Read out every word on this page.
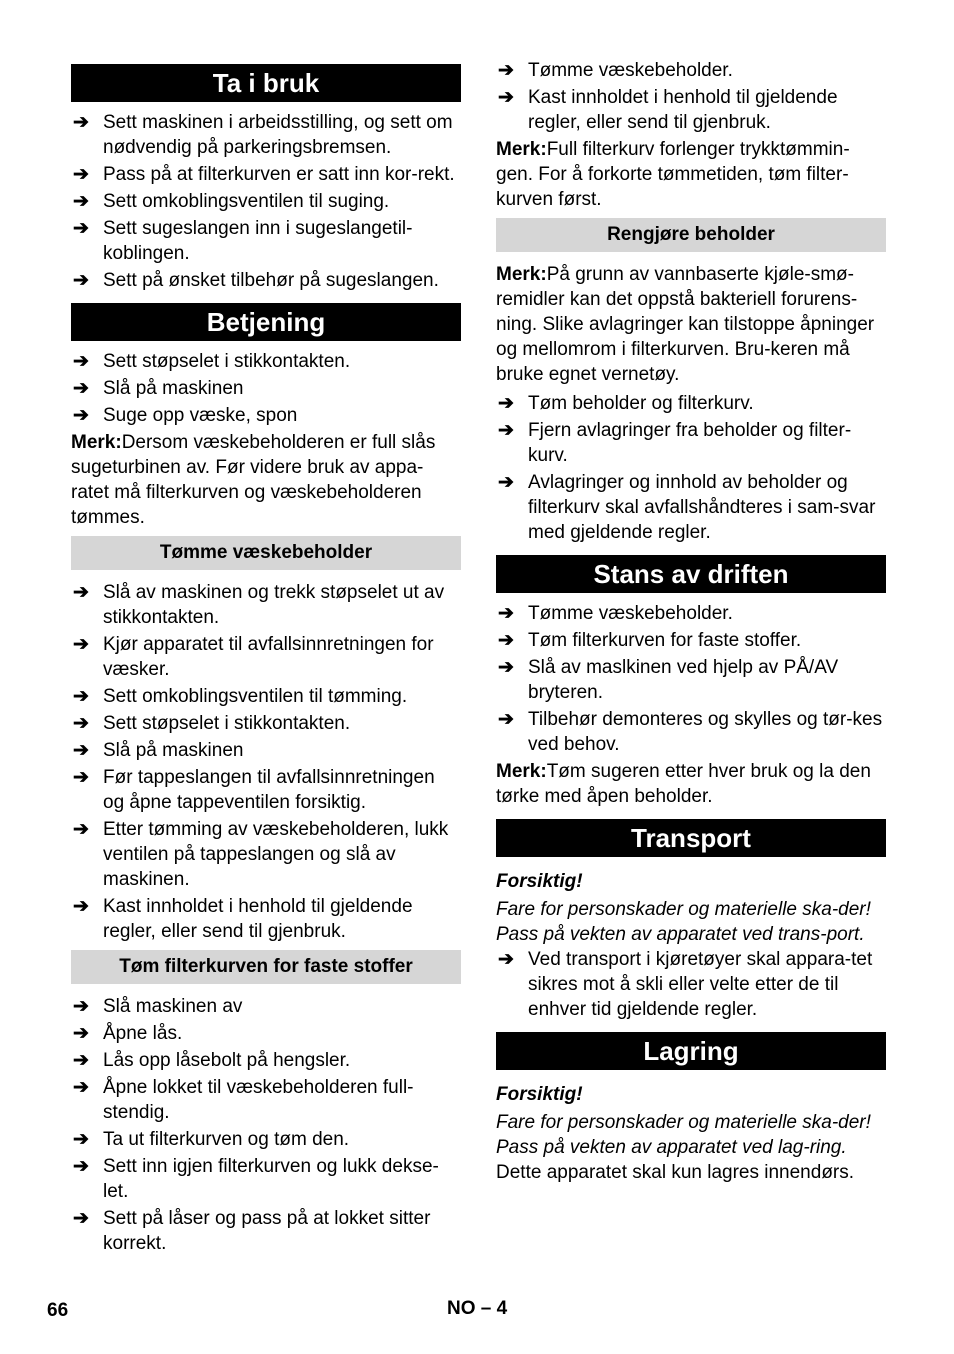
Ta i bruk
➔ Sett maskinen i arbeidsstilling, og sett om nødvendig på parkeringsbremsen.
➔ Pass på at filterkurven er satt inn kor-rekt.
➔ Sett omkoblingsventilen til suging.
➔ Sett sugeslangen inn i sugeslangetil-koblingen.
➔ Sett på ønsket tilbehør på sugeslangen.
Betjening
➔ Sett støpselet i stikkontakten.
➔ Slå på maskinen
➔ Suge opp væske, spon

Merk:Dersom væskebeholderen er full slås sugeturbinen av. Før videre bruk av appa-ratet må filterkurven og væskebeholderen tømmes.

Tømme væskebeholder
➔ Slå av maskinen og trekk støpselet ut av stikkontakten.
➔ Kjør apparatet til avfallsinnretningen for væsker.
➔ Sett omkoblingsventilen til tømming.
➔ Sett støpselet i stikkontakten.
➔ Slå på maskinen
➔ Før tappeslangen til avfallsinnretningen og åpne tappeventilen forsiktig.
➔ Etter tømming av væskebeholderen, lukk ventilen på tappeslangen og slå av maskinen.
➔ Kast innholdet i henhold til gjeldende regler, eller send til gjenbruk.
Tøm filterkurven for faste stoffer
➔ Slå maskinen av
➔ Åpne lås.
➔ Lås opp låsebolt på hengsler.
➔ Åpne lokket til væskebeholderen full-stendig.
➔ Ta ut filterkurven og tøm den.
➔ Sett inn igjen filterkurven og lukk dekse-let.
➔ Sett på låser og pass på at lokket sitter korrekt.
➔ Tømme væskebeholder.
➔ Kast innholdet i henhold til gjeldende regler, eller send til gjenbruk.

Merk:Full filterkurv forlenger trykktømmin-gen. For å forkorte tømmetiden, tøm filter-kurven først.

Rengjøre beholder

Merk:På grunn av vannbaserte kjøle-smø-remidler kan det oppstå bakteriell forurens-ning. Slike avlagringer kan tilstoppe åpninger og mellomrom i filterkurven. Bru-keren må bruke egnet vernetøy.

➔ Tøm beholder og filterkurv.
➔ Fjern avlagringer fra beholder og filter-kurv.
➔ Avlagringer og innhold av beholder og filterkurv skal avfallshåndteres i sam-svar med gjeldende regler.
Stans av driften
➔ Tømme væskebeholder.
➔ Tøm filterkurven for faste stoffer.
➔ Slå av maslkinen ved hjelp av PÅ/AV bryteren.
➔ Tilbehør demonteres og skylles og tør-kes ved behov.

Merk:Tøm sugeren etter hver bruk og la den tørke med åpen beholder.

Transport
Forsiktig!

Fare for personskader og materielle ska-der! Pass på vekten av apparatet ved trans-port.

➔ Ved transport i kjøretøyer skal appara-tet sikres mot å skli eller velte etter de til enhver tid gjeldende regler.
Lagring
Forsiktig!

Fare for personskader og materielle ska-der! Pass på vekten av apparatet ved lag-ring.

Dette apparatet skal kun lagres innendørs.

66	NO – 4
